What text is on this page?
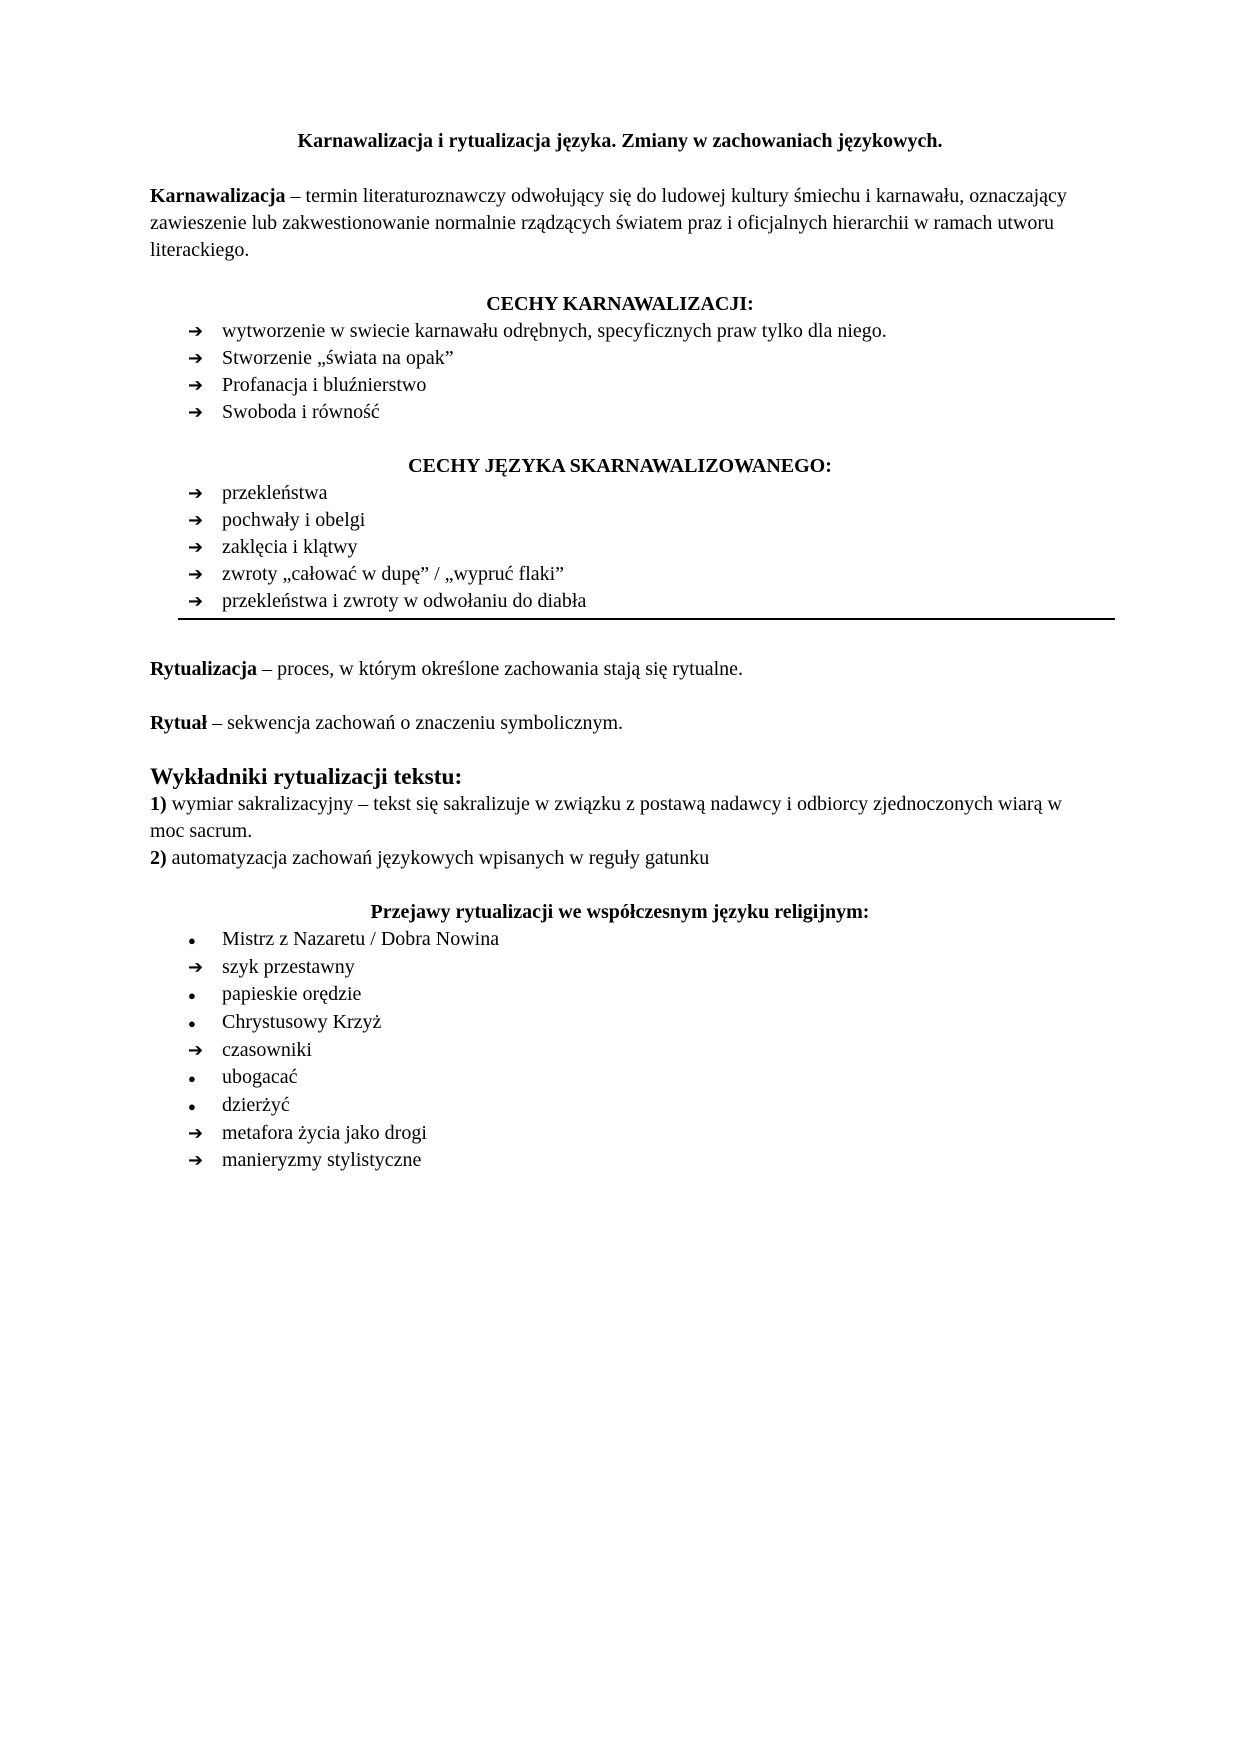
Karnawalizacja i rytualizacja języka. Zmiany w zachowaniach językowych.

Karnawalizacja – termin literaturoznawczy odwołujący się do ludowej kultury śmiechu i karnawału, oznaczający zawieszenie lub zakwestionowanie normalnie rządzących światem praz i oficjalnych hierarchii w ramach utworu literackiego.

CECHY KARNAWALIZACJI:
➔ wytworzenie w swiecie karnawału odrębnych, specyficznych praw tylko dla niego.
➔ Stworzenie „świata na opak”
➔ Profanacja i bluźnierstwo
➔ Swoboda i równość
CECHY JĘZYKA SKARNAWALIZOWANEGO:
➔ przekleństwa
➔ pochwały i obelgi
➔ zaklęcia i klątwy
➔ zwroty „całować w dupę” / „wypruć flaki”
➔ przekleństwa i zwroty w odwołaniu do diabła

Rytualizacja – proces, w którym określone zachowania stają się rytualne.

Rytuał – sekwencja zachowań o znaczeniu symbolicznym.

Wykładniki rytualizacji tekstu:

1) wymiar sakralizacyjny – tekst się sakralizuje w związku z postawą nadawcy i odbiorcy zjednoczonych wiarą w moc sacrum.

2) automatyzacja zachowań językowych wpisanych w reguły gatunku

Przejawy rytualizacji we współczesnym języku religijnym:
●	Mistrz z Nazaretu / Dobra Nowina
➔ szyk przestawny
●	papieskie orędzie
●	Chrystusowy Krzyż
➔ czasowniki
●	ubogacać
●	dzierżyć
➔ metafora życia jako drogi
➔ manieryzmy stylistyczne
